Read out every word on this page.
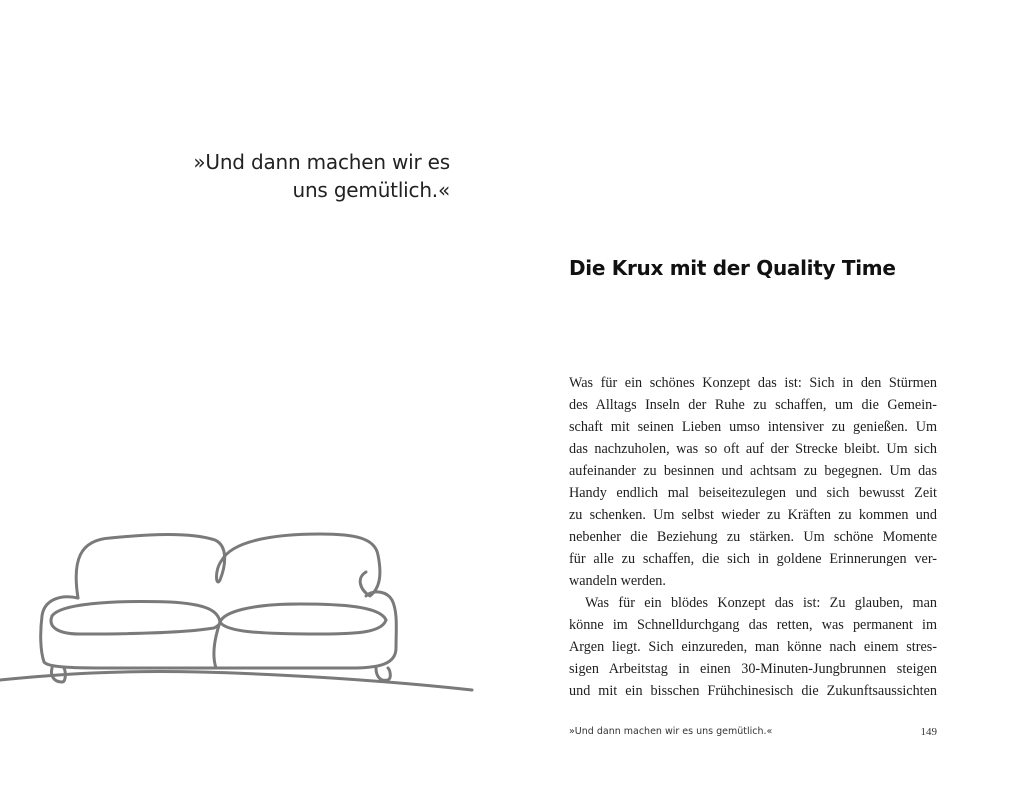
»Und dann machen wir es
uns gemütlich.«
Die Krux mit der Quality Time
Was für ein schönes Konzept das ist: Sich in den Stürmen
des Alltags Inseln der Ruhe zu schaffen, um die Gemein-
schaft mit seinen Lieben umso intensiver zu genießen. Um
das nachzuholen, was so oft auf der Strecke bleibt. Um sich
aufeinander zu besinnen und achtsam zu begegnen. Um das
Handy endlich mal beiseitezulegen und sich bewusst Zeit
zu schenken. Um selbst wieder zu Kräften zu kommen und
nebenher die Beziehung zu stärken. Um schöne Momente
für alle zu schaffen, die sich in goldene Erinnerungen ver-
wandeln werden.
Was für ein blödes Konzept das ist: Zu glauben, man
könne im Schnelldurchgang das retten, was permanent im
Argen liegt. Sich einzureden, man könne nach einem stres-
sigen Arbeitstag in einen 30-Minuten-Jungbrunnen steigen
und mit ein bisschen Frühchinesisch die Zukunftsaussichten
»Und dann machen wir es uns gemütlich.«	149
